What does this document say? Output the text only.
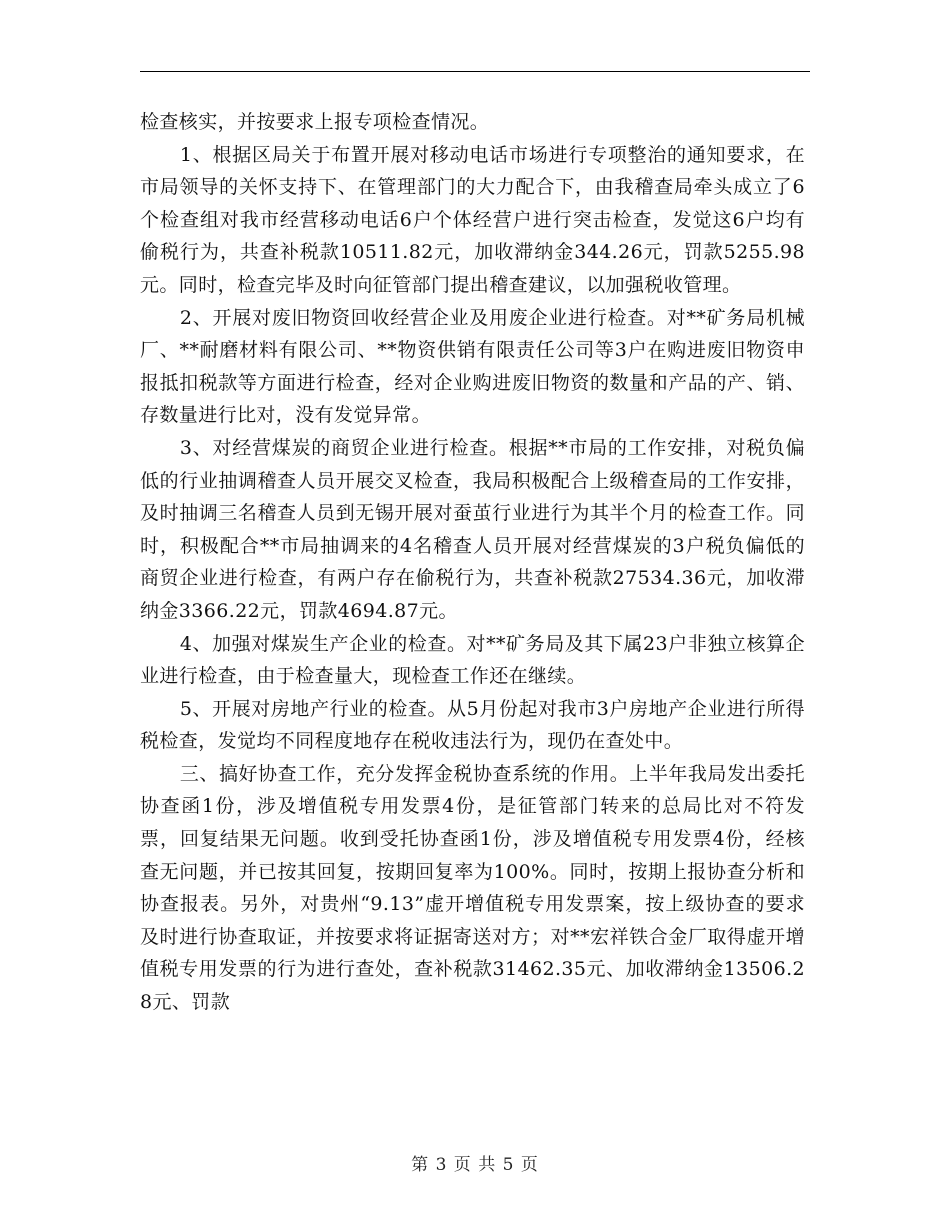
检查核实，并按要求上报专项检查情况。

1、根据区局关于布置开展对移动电话市场进行专项整治的通知要求，在市局领导的关怀支持下、在管理部门的大力配合下，由我稽查局牵头成立了6个检查组对我市经营移动电话6户个体经营户进行突击检查，发觉这6户均有偷税行为，共查补税款10511.82元，加收滞纳金344.26元，罚款5255.98元。同时，检查完毕及时向征管部门提出稽查建议，以加强税收管理。

2、开展对废旧物资回收经营企业及用废企业进行检查。对**矿务局机械厂、**耐磨材料有限公司、**物资供销有限责任公司等3户在购进废旧物资申报抵扣税款等方面进行检查，经对企业购进废旧物资的数量和产品的产、销、存数量进行比对，没有发觉异常。

3、对经营煤炭的商贸企业进行检查。根据**市局的工作安排，对税负偏低的行业抽调稽查人员开展交叉检查，我局积极配合上级稽查局的工作安排，及时抽调三名稽查人员到无锡开展对蚕茧行业进行为其半个月的检查工作。同时，积极配合**市局抽调来的4名稽查人员开展对经营煤炭的3户税负偏低的商贸企业进行检查，有两户存在偷税行为，共查补税款27534.36元，加收滞纳金3366.22元，罚款4694.87元。

4、加强对煤炭生产企业的检查。对**矿务局及其下属23户非独立核算企业进行检查，由于检查量大，现检查工作还在继续。

5、开展对房地产行业的检查。从5月份起对我市3户房地产企业进行所得税检查，发觉均不同程度地存在税收违法行为，现仍在查处中。

三、搞好协查工作，充分发挥金税协查系统的作用。上半年我局发出委托协查函1份，涉及增值税专用发票4份，是征管部门转来的总局比对不符发票，回复结果无问题。收到受托协查函1份，涉及增值税专用发票4份，经核查无问题，并已按其回复，按期回复率为100%。同时，按期上报协查分析和协查报表。另外，对贵州“9.13”虚开增值税专用发票案，按上级协查的要求及时进行协查取证，并按要求将证据寄送对方；对**宏祥铁合金厂取得虚开增值税专用发票的行为进行查处，查补税款31462.35元、加收滞纳金13506.28元、罚款

第 3 页 共 5 页
